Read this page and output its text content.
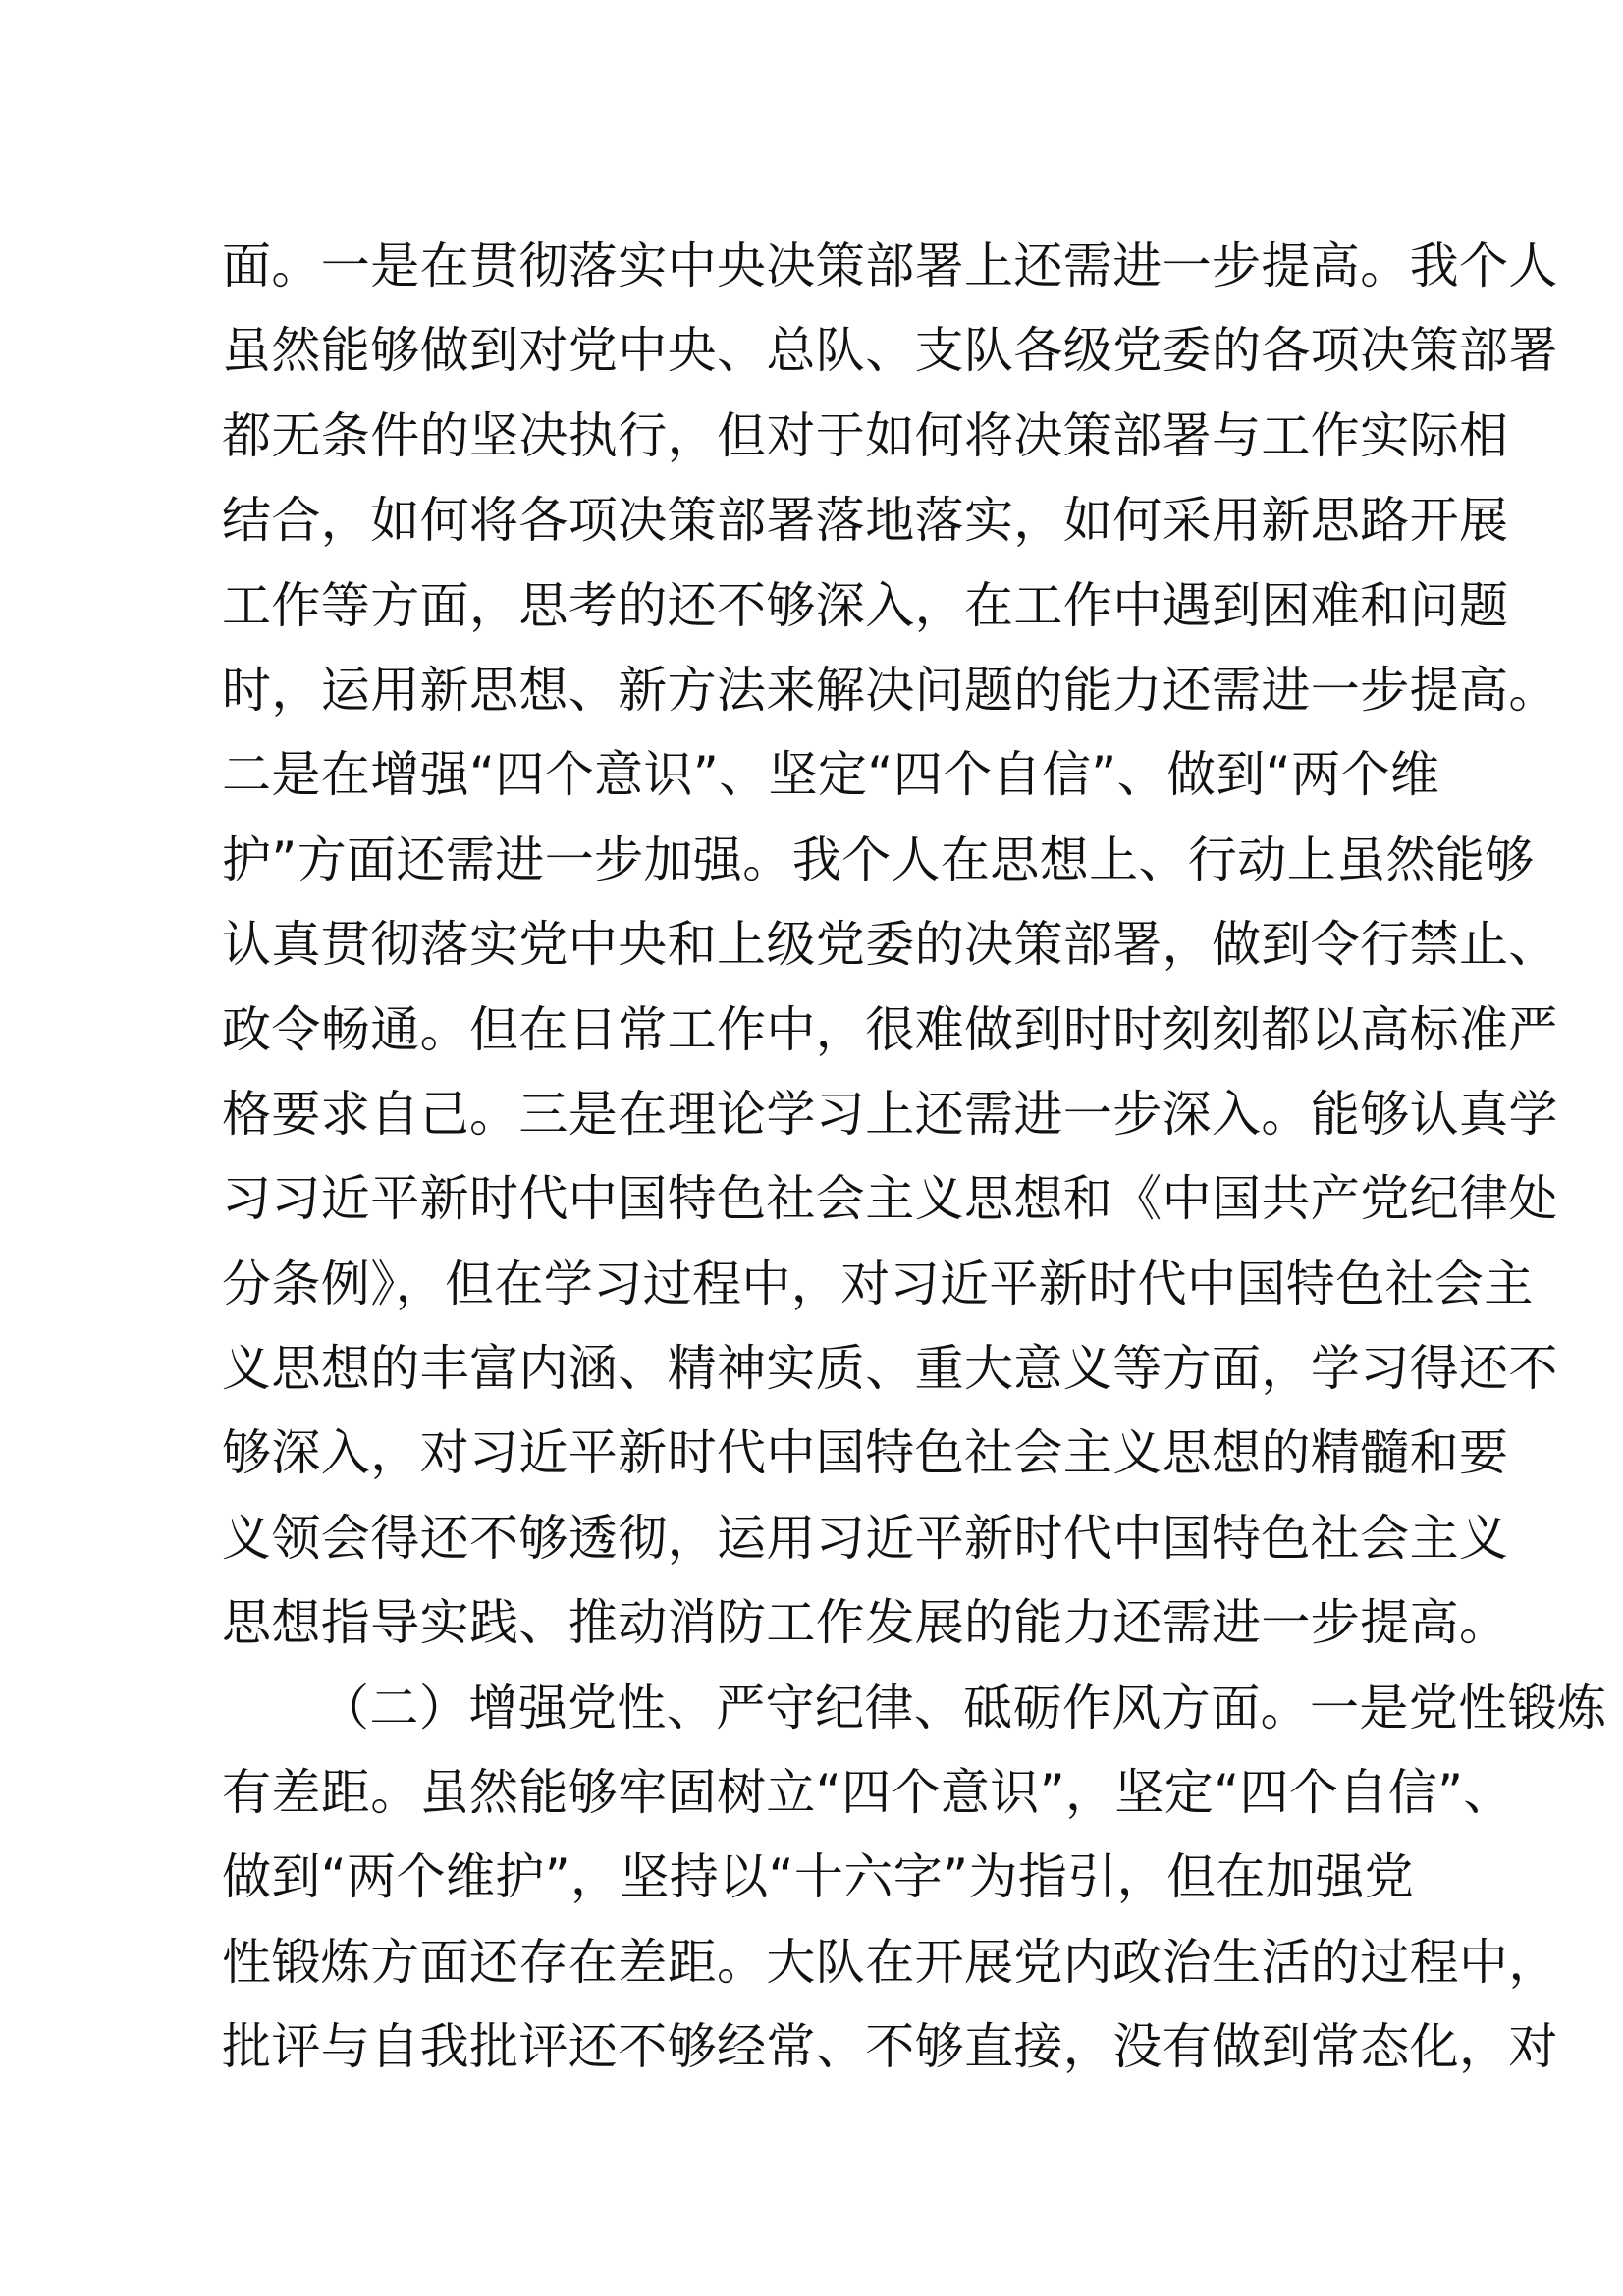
面。一是在贯彻落实中央决策部署上还需进一步提高。我个人
虽然能够做到对党中央、总队、支队各级党委的各项决策部署
都无条件的坚决执行，但对于如何将决策部署与工作实际相
结合，如何将各项决策部署落地落实，如何采用新思路开展
工作等方面，思考的还不够深入，在工作中遇到困难和问题
时，运用新思想、新方法来解决问题的能力还需进一步提高。
二是在增强“四个意识”、坚定“四个自信”、做到“两个维
护”方面还需进一步加强。我个人在思想上、行动上虽然能够
认真贯彻落实党中央和上级党委的决策部署，做到令行禁止、
政令畅通。但在日常工作中，很难做到时时刻刻都以高标准严
格要求自己。三是在理论学习上还需进一步深入。能够认真学
习习近平新时代中国特色社会主义思想和《中国共产党纪律处
分条例》，但在学习过程中，对习近平新时代中国特色社会主
义思想的丰富内涵、精神实质、重大意义等方面，学习得还不
够深入，对习近平新时代中国特色社会主义思想的精髓和要
义领会得还不够透彻，运用习近平新时代中国特色社会主义
思想指导实践、推动消防工作发展的能力还需进一步提高。
（二）增强党性、严守纪律、砥砺作风方面。一是党性锻炼
有差距。虽然能够牢固树立“四个意识”，坚定“四个自信”、
做到“两个维护”，坚持以“十六字”为指引，但在加强党
性锻炼方面还存在差距。大队在开展党内政治生活的过程中，
批评与自我批评还不够经常、不够直接，没有做到常态化，对
